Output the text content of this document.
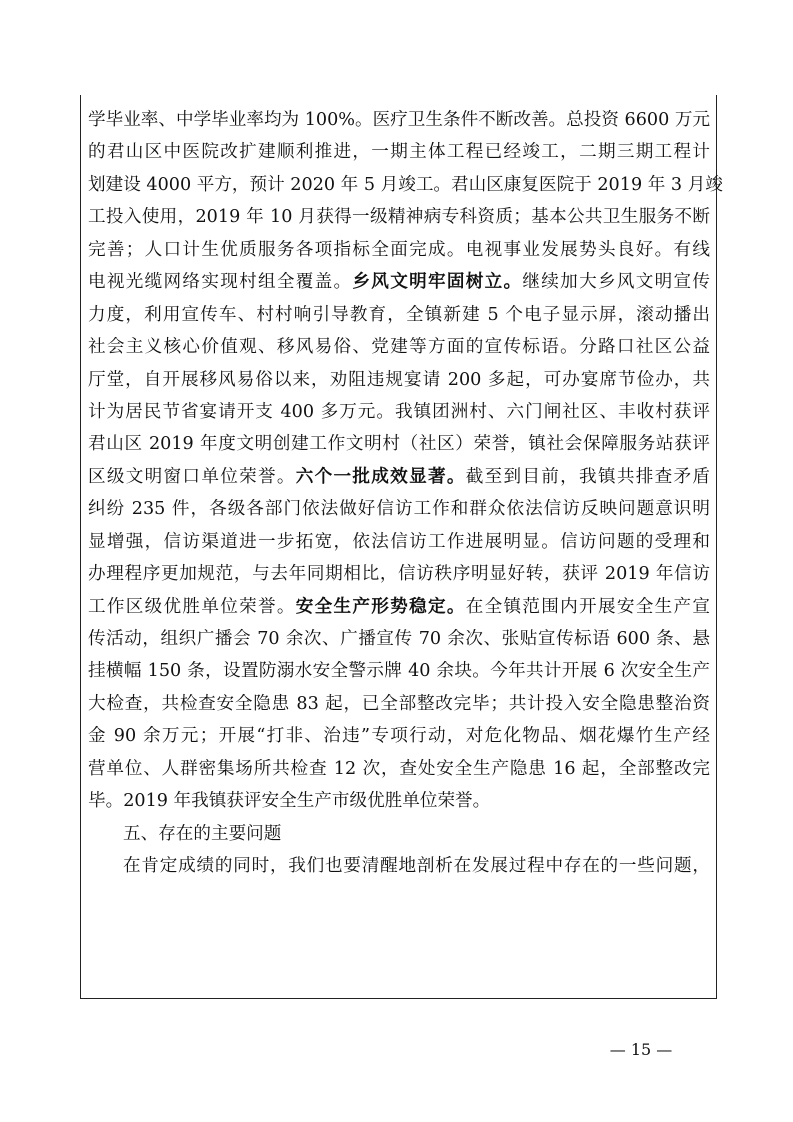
学毕业率、中学毕业率均为 100%。医疗卫生条件不断改善。总投资 6600 万元
的君山区中医院改扩建顺利推进，一期主体工程已经竣工，二期三期工程计
划建设 4000 平方，预计 2020 年 5 月竣工。君山区康复医院于 2019 年 3 月竣
工投入使用，2019 年 10 月获得一级精神病专科资质；基本公共卫生服务不断
完善；人口计生优质服务各项指标全面完成。电视事业发展势头良好。有线
电视光缆网络实现村组全覆盖。乡风文明牢固树立。继续加大乡风文明宣传
力度，利用宣传车、村村响引导教育，全镇新建 5 个电子显示屏，滚动播出
社会主义核心价值观、移风易俗、党建等方面的宣传标语。分路口社区公益
厅堂，自开展移风易俗以来，劝阻违规宴请 200 多起，可办宴席节俭办，共
计为居民节省宴请开支 400 多万元。我镇团洲村、六门闸社区、丰收村获评
君山区 2019 年度文明创建工作文明村（社区）荣誉，镇社会保障服务站获评
区级文明窗口单位荣誉。六个一批成效显著。截至到目前，我镇共排查矛盾
纠纷 235 件，各级各部门依法做好信访工作和群众依法信访反映问题意识明
显增强，信访渠道进一步拓宽，依法信访工作进展明显。信访问题的受理和
办理程序更加规范，与去年同期相比，信访秩序明显好转，获评 2019 年信访
工作区级优胜单位荣誉。安全生产形势稳定。在全镇范围内开展安全生产宣
传活动，组织广播会 70 余次、广播宣传 70 余次、张贴宣传标语 600 条、悬
挂横幅 150 条，设置防溺水安全警示牌 40 余块。今年共计开展 6 次安全生产
大检查，共检查安全隐患 83 起，已全部整改完毕；共计投入安全隐患整治资
金 90 余万元；开展“打非、治违”专项行动，对危化物品、烟花爆竹生产经
营单位、人群密集场所共检查 12 次，查处安全生产隐患 16 起，全部整改完
毕。2019 年我镇获评安全生产市级优胜单位荣誉。
五、存在的主要问题
在肯定成绩的同时，我们也要清醒地剖析在发展过程中存在的一些问题，
— 15 —
